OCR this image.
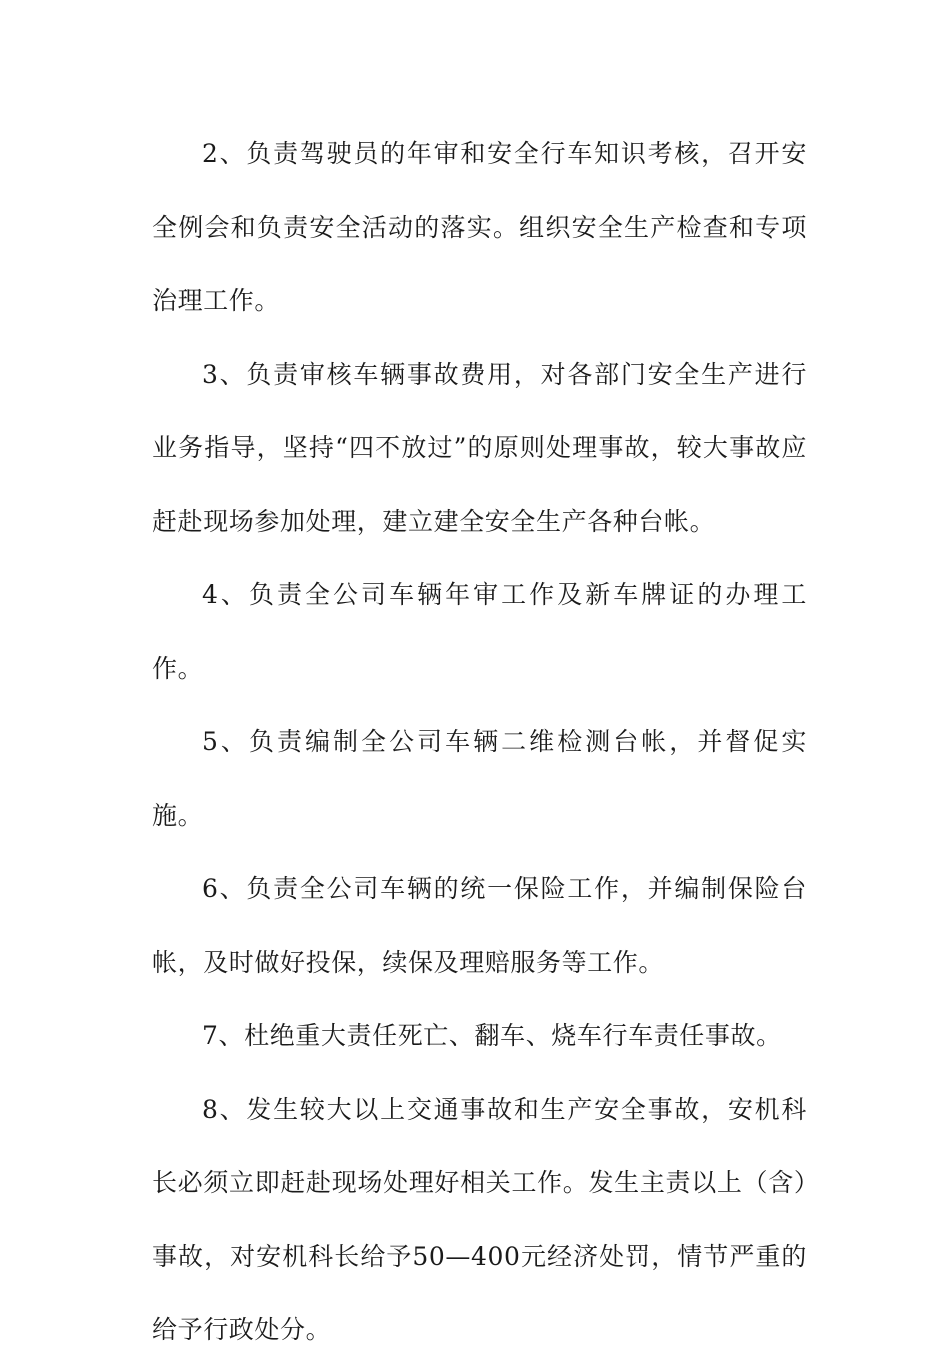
2、负责驾驶员的年审和安全行车知识考核，召开安全例会和负责安全活动的落实。组织安全生产检查和专项治理工作。

3、负责审核车辆事故费用，对各部门安全生产进行业务指导，坚持“四不放过”的原则处理事故，较大事故应赶赴现场参加处理，建立建全安全生产各种台帐。

4、负责全公司车辆年审工作及新车牌证的办理工作。

5、负责编制全公司车辆二维检测台帐，并督促实施。

6、负责全公司车辆的统一保险工作，并编制保险台帐，及时做好投保，续保及理赔服务等工作。

7、杜绝重大责任死亡、翻车、烧车行车责任事故。

8、发生较大以上交通事故和生产安全事故，安机科长必须立即赶赴现场处理好相关工作。发生主责以上（含）事故，对安机科长给予50—400元经济处罚，情节严重的给予行政处分。
